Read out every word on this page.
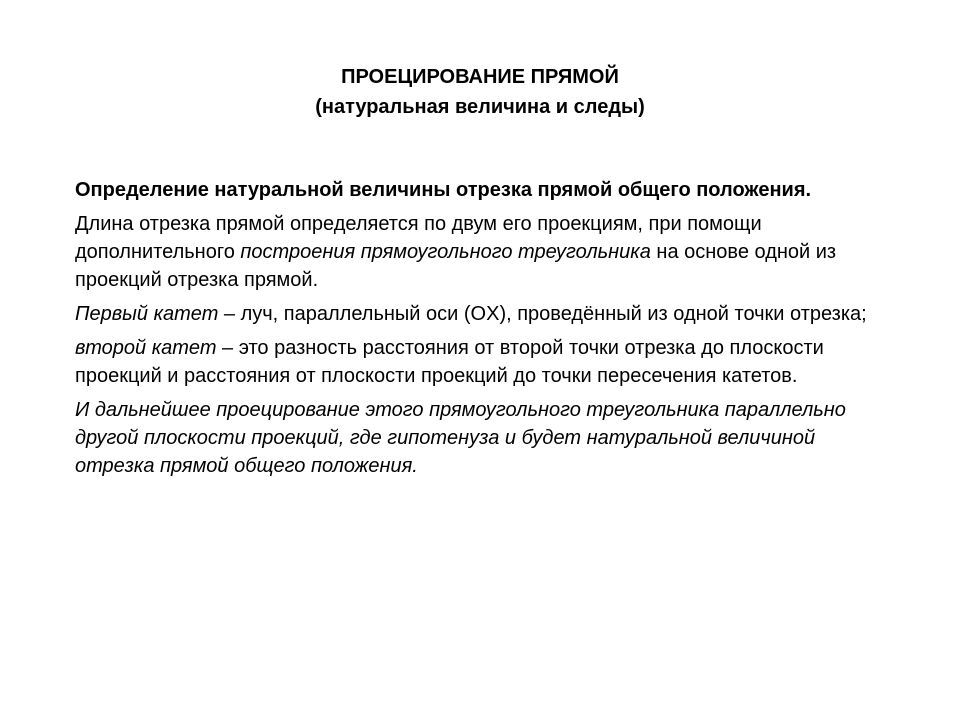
ПРОЕЦИРОВАНИЕ ПРЯМОЙ
(натуральная величина и следы)

Определение натуральной величины отрезка прямой общего положения.

Длина отрезка прямой определяется по двум его проекциям, при помощи дополнительного построения прямоугольного треугольника на основе одной из проекций отрезка прямой.

Первый катет – луч, параллельный оси (OX), проведённый из одной точки отрезка;

второй катет – это разность расстояния от второй точки отрезка до плоскости проекций и расстояния от плоскости проекций до точки пересечения катетов.

И дальнейшее проецирование этого прямоугольного треугольника параллельно другой плоскости проекций, где гипотенуза и будет натуральной величиной отрезка прямой общего положения.
